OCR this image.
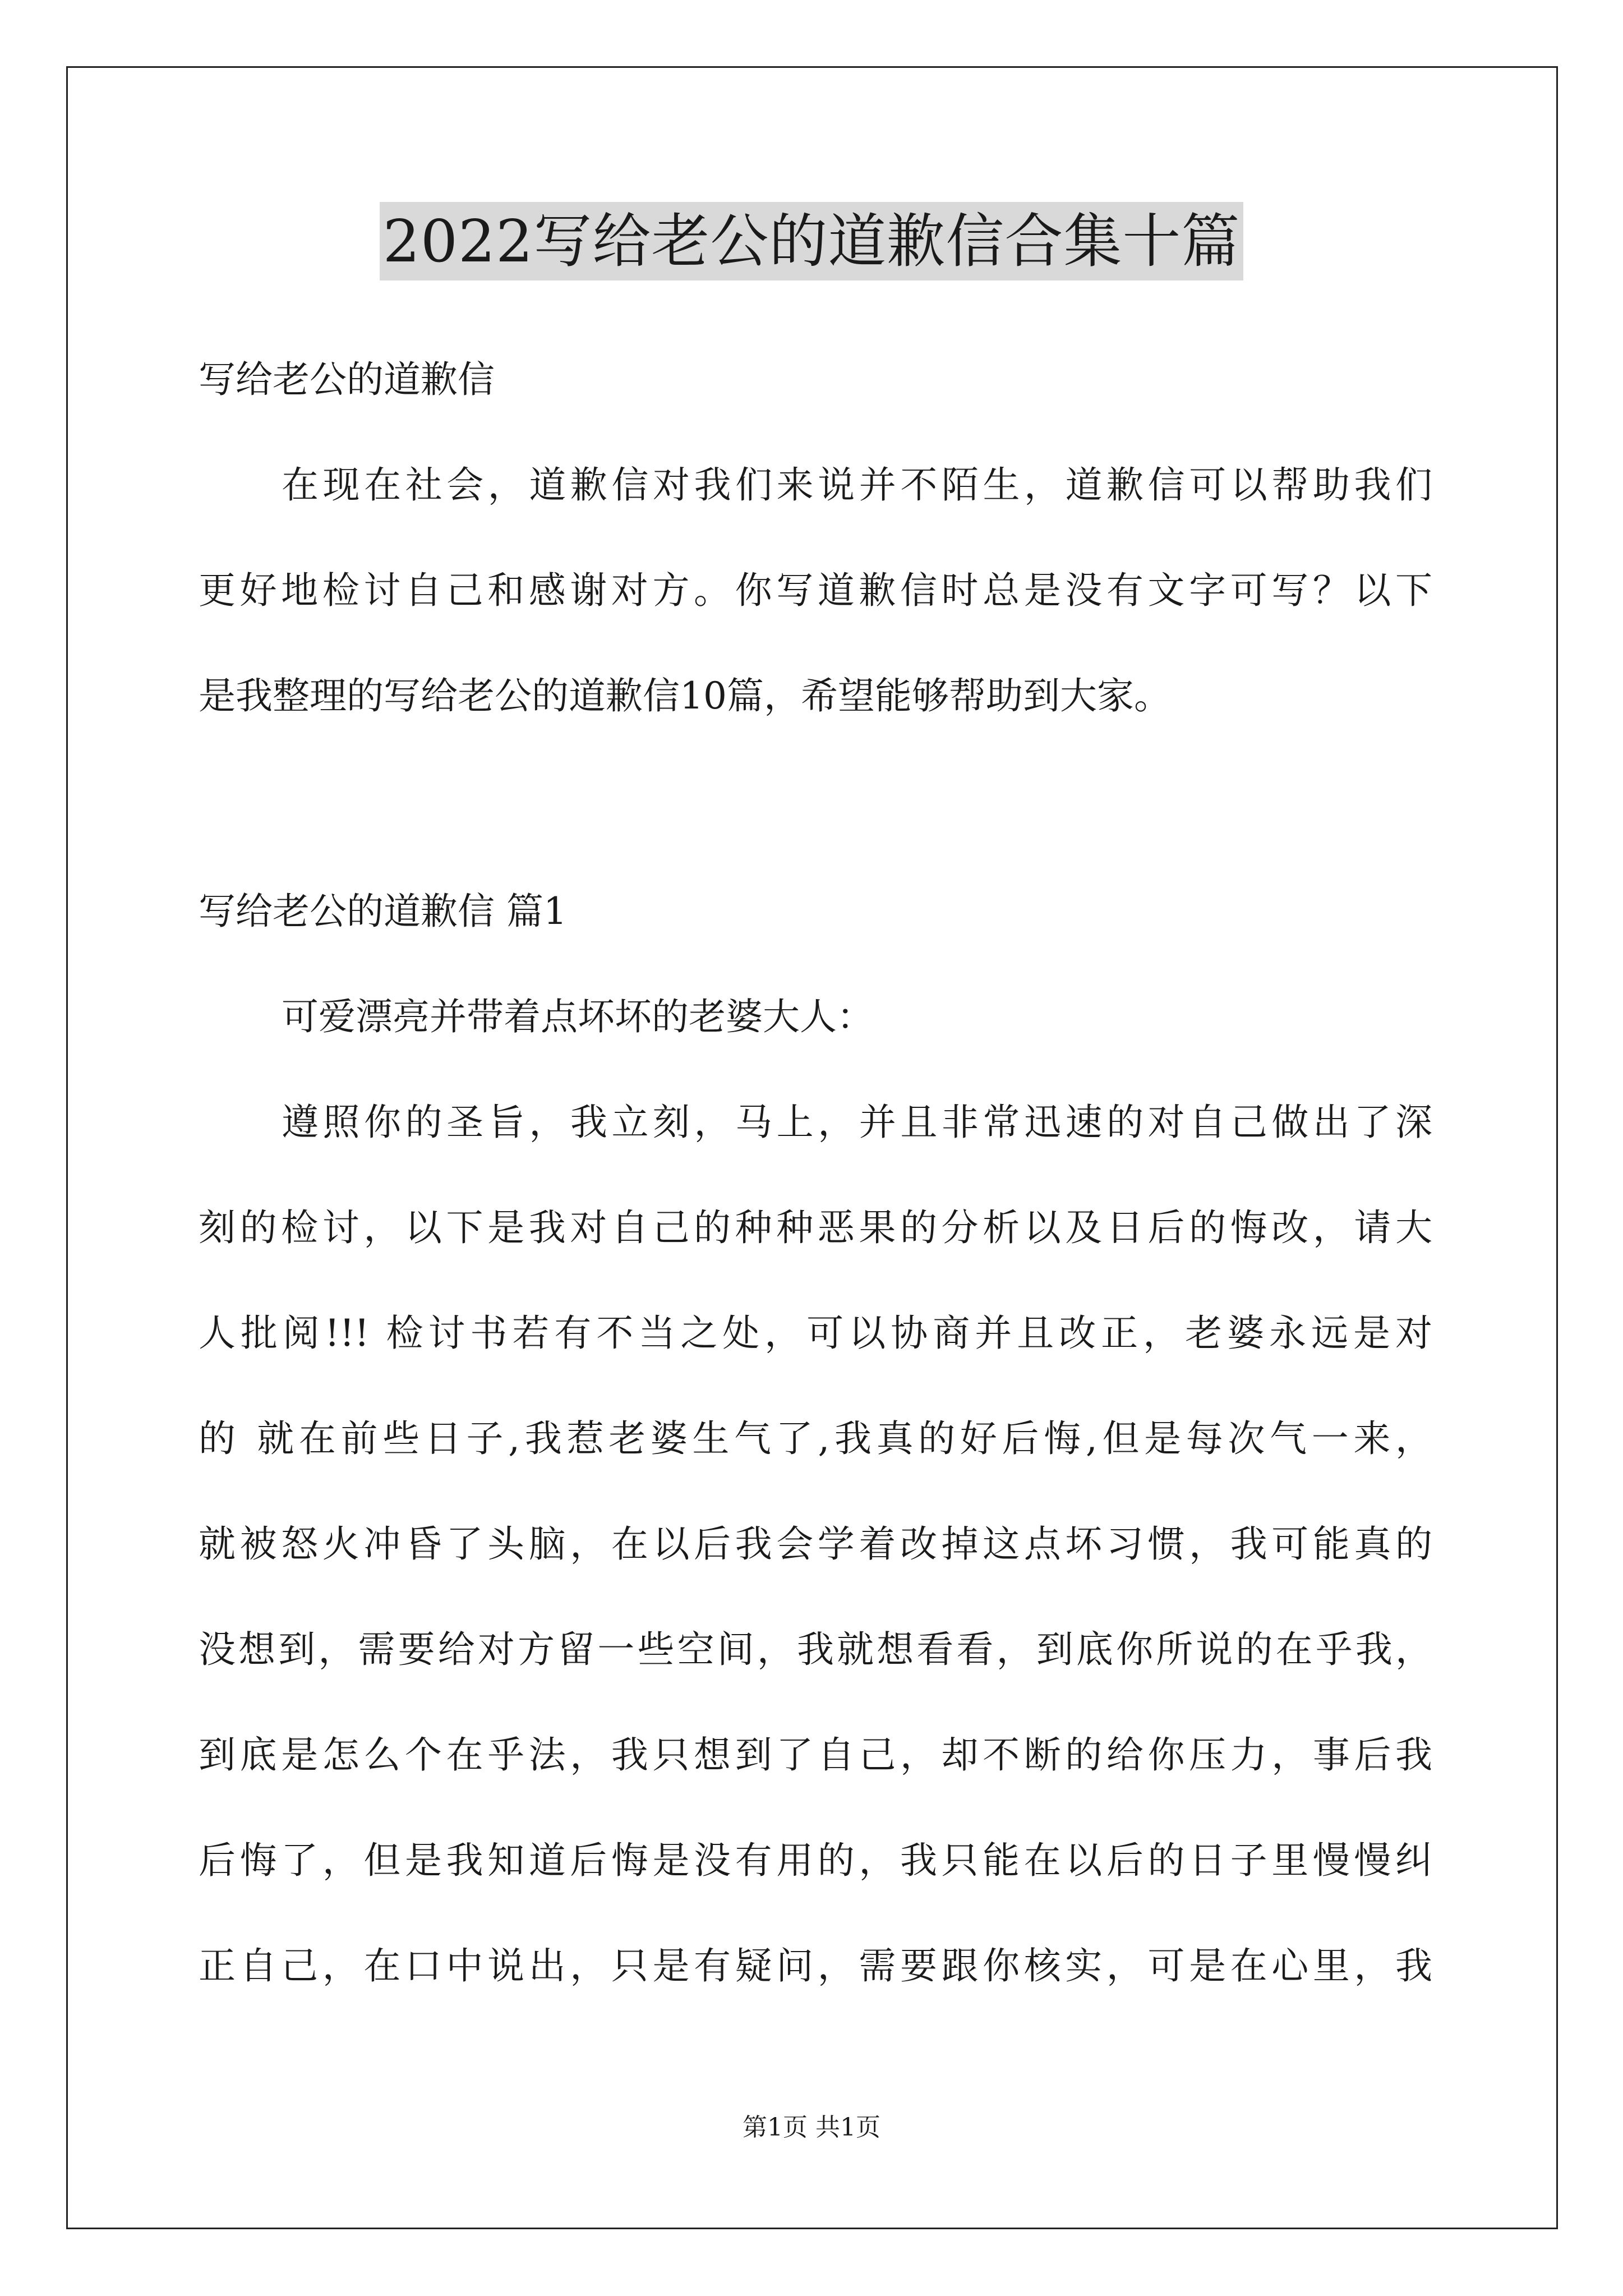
2022写给老公的道歉信合集十篇
写给老公的道歉信
在现在社会，道歉信对我们来说并不陌生，道歉信可以帮助我们
更好地检讨自己和感谢对方。你写道歉信时总是没有文字可写？以下
是我整理的写给老公的道歉信10篇，希望能够帮助到大家。
写给老公的道歉信 篇1
可爱漂亮并带着点坏坏的老婆大人：
遵照你的圣旨，我立刻，马上，并且非常迅速的对自己做出了深
刻的检讨，以下是我对自己的种种恶果的分析以及日后的悔改，请大
人批阅!!! 检讨书若有不当之处，可以协商并且改正，老婆永远是对
的 就在前些日子,我惹老婆生气了,我真的好后悔,但是每次气一来，
就被怒火冲昏了头脑，在以后我会学着改掉这点坏习惯，我可能真的
没想到，需要给对方留一些空间，我就想看看，到底你所说的在乎我，
到底是怎么个在乎法，我只想到了自己，却不断的给你压力，事后我
后悔了，但是我知道后悔是没有用的，我只能在以后的日子里慢慢纠
正自己，在口中说出，只是有疑问，需要跟你核实，可是在心里，我
第1页 共1页
